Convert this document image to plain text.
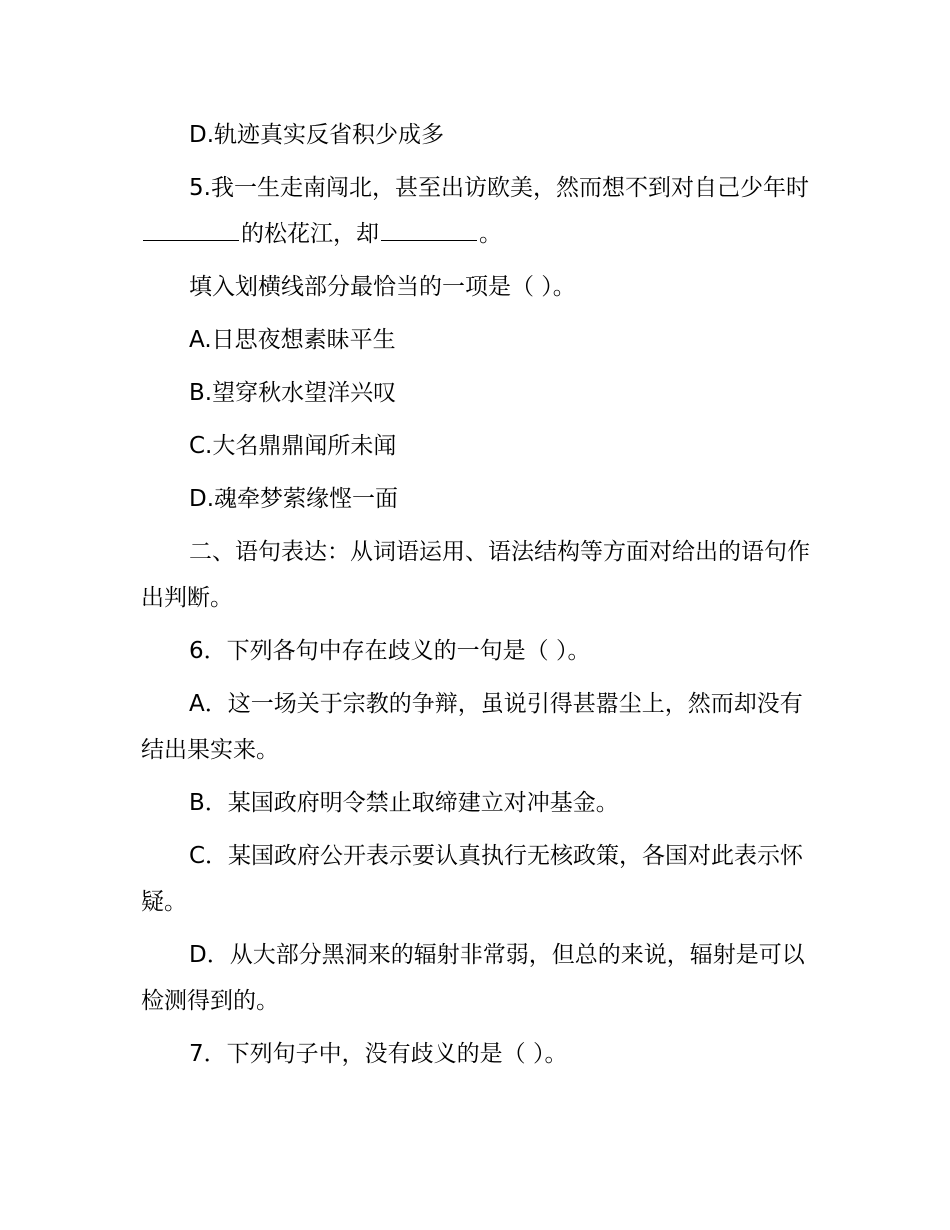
D.轨迹真实反省积少成多

5.我一生走南闯北，甚至出访欧美，然而想不到对自己少年时的松花江，却	。

填入划横线部分最恰当的一项是（ ）。

A.日思夜想素昧平生

B.望穿秋水望洋兴叹

C.大名鼎鼎闻所未闻

D.魂牵梦萦缘悭一面

二、语句表达：从词语运用、语法结构等方面对给出的语句作出判断。

6．下列各句中存在歧义的一句是（ ）。

A．这一场关于宗教的争辩，虽说引得甚嚣尘上，然而却没有结出果实来。

B．某国政府明令禁止取缔建立对冲基金。

C．某国政府公开表示要认真执行无核政策，各国对此表示怀疑。

D．从大部分黑洞来的辐射非常弱，但总的来说，辐射是可以检测得到的。

7．下列句子中，没有歧义的是（ ）。
